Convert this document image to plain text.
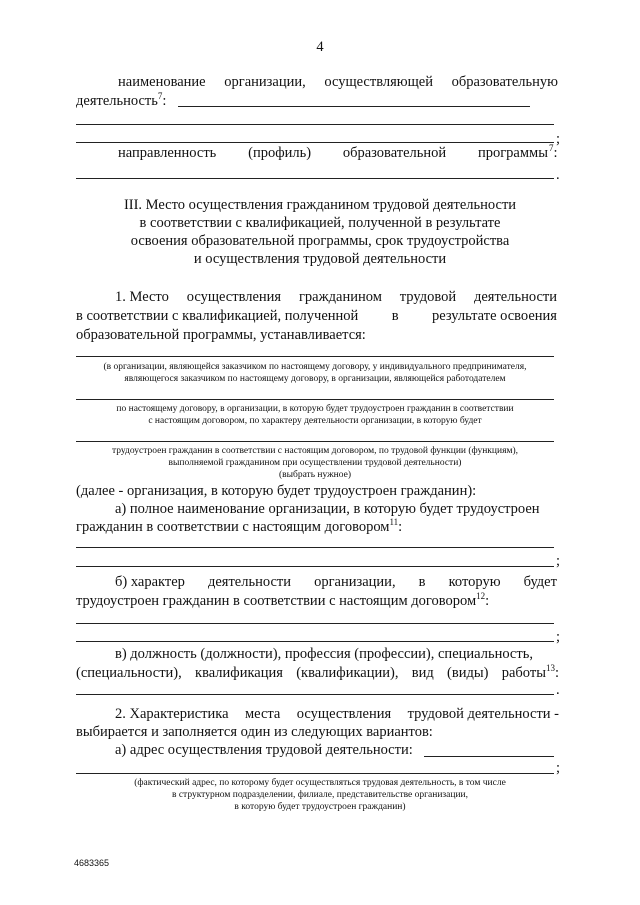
4
наименование организации, осуществляющей образовательную
деятельность$^7$:
;
направленность (профиль) образовательной программы $^7$:
.
III. Место осуществления гражданином трудовой деятельности
в соответствии с квалификацией, полученной в результате
освоения образовательной программы, срок трудоустройства
и осуществления трудовой деятельности
1. Место осуществления гражданином трудовой деятельности
в соответствии с квалификацией, полученной в результате освоения
образовательной программы, устанавливается:
(в организации, являющейся заказчиком по настоящему договору, у индивидуального предпринимателя,
являющегося заказчиком по настоящему договору, в организации, являющейся работодателем
по настоящему договору, в организации, в которую будет трудоустроен гражданин в соответствии
с настоящим договором, по характеру деятельности организации, в которую будет
трудоустроен гражданин в соответствии с настоящим договором, по трудовой функции (функциям),
выполняемой гражданином при осуществлении трудовой деятельности)
(выбрать нужное)
(далее - организация, в которую будет трудоустроен гражданин):
а) полное наименование организации, в которую будет трудоустроен
гражданин в соответствии с настоящим договором$^{11}$:
;
б) характер деятельности организации, в которую будет
трудоустроен гражданин в соответствии с настоящим договором$^{12}$:
;
в) должность (должности), профессия (профессии), специальность,
(специальности), квалификация (квалификации), вид (виды) работы $^{13}$:
.
2. Характеристика места осуществления трудовой деятельности -
выбирается и заполняется один из следующих вариантов:
а) адрес осуществления трудовой деятельности:
;
(фактический адрес, по которому будет осуществляться трудовая деятельность, в том числе
в структурном подразделении, филиале, представительстве организации,
в которую будет трудоустроен гражданин)
4683365
